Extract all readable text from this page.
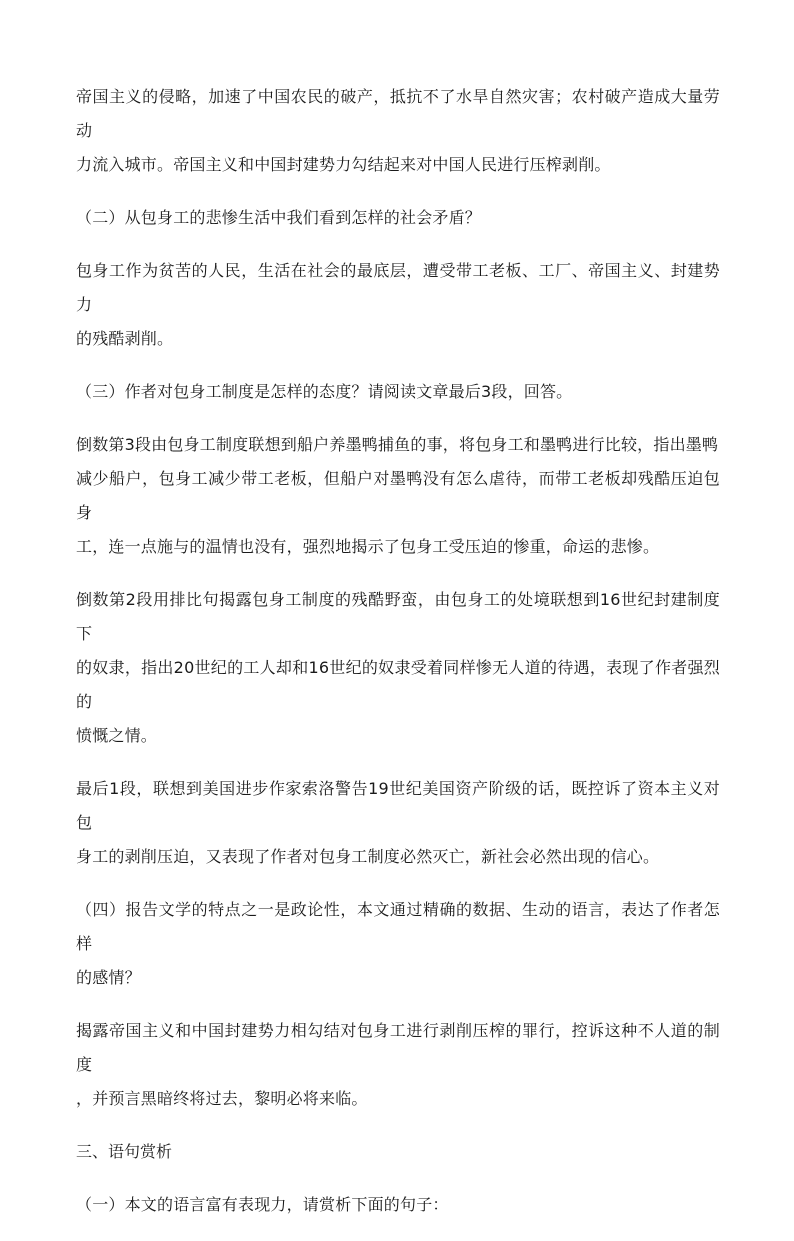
帝国主义的侵略，加速了中国农民的破产，抵抗不了水旱自然灾害；农村破产造成大量劳动
力流入城市。帝国主义和中国封建势力勾结起来对中国人民进行压榨剥削。

（二）从包身工的悲惨生活中我们看到怎样的社会矛盾？

包身工作为贫苦的人民，生活在社会的最底层，遭受带工老板、工厂、帝国主义、封建势力
的残酷剥削。

（三）作者对包身工制度是怎样的态度？请阅读文章最后3段，回答。

倒数第3段由包身工制度联想到船户养墨鸭捕鱼的事，将包身工和墨鸭进行比较，指出墨鸭
减少船户，包身工减少带工老板，但船户对墨鸭没有怎么虐待，而带工老板却残酷压迫包身
工，连一点施与的温情也没有，强烈地揭示了包身工受压迫的惨重，命运的悲惨。

倒数第2段用排比句揭露包身工制度的残酷野蛮，由包身工的处境联想到16世纪封建制度下
的奴隶，指出20世纪的工人却和16世纪的奴隶受着同样惨无人道的待遇，表现了作者强烈的
愤慨之情。

最后1段，联想到美国进步作家索洛警告19世纪美国资产阶级的话，既控诉了资本主义对包
身工的剥削压迫，又表现了作者对包身工制度必然灭亡，新社会必然出现的信心。

（四）报告文学的特点之一是政论性，本文通过精确的数据、生动的语言，表达了作者怎样
的感情？

揭露帝国主义和中国封建势力相勾结对包身工进行剥削压榨的罪行，控诉这种不人道的制度
，并预言黑暗终将过去，黎明必将来临。

三、语句赏析

（一）本文的语言富有表现力，请赏析下面的句子：
